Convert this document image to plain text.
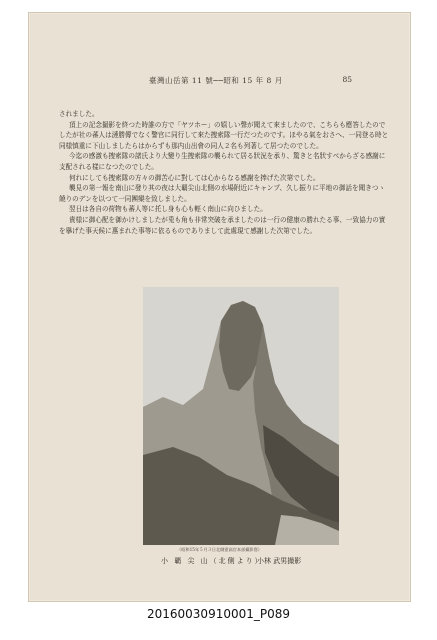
臺灣山岳第 11 號──昭和 15 年 8 月	85

されました。

頂上の記念撮影を終つた時誰の方で「ヤツホー」の嬉しい聲が聞えて來ましたので、こちらも應答したのでしたが社の蕃人は漣勝傳でなく警官に同行して來た捜索隊一行だつたのです。ほやる氣をおさへ、一同登る時と同様慎重に下山しましたらはからずも那内山出會の同人２名も列著して居つたのでした。

今迄の感激も捜索隊の諸氏より大變り生捜索隊の襲られて居る狀況を承り、驚きと名狀すべからざる感謝に支配される樣になつたのでした。

何れにしても捜索隊の方々の御苦心に對しては心からなる感謝を捧げた次第でした。

襲見の第一報を南山に發り其の夜は大覇尖山北側の水場附近にキャンプ、久し振りに平地の御話を聞きつゝ饒りのデンを以つて一同團欒を致しました。

翌日は各自の荷物も蕃人等に托し身も心も輕く南山に向ひました。

貴様に御心配を御かけしましたが兎も角も非常突破を承ましたのは一行の健康の勝れたる事、一致協力の實を擧げた事天候に惠まれた事等に依るものでありまして此處現て感謝した次第でした。

（昭和15年５月３日北側霊高官本部撮影寫）
小 覇 尖 山（北側より）
小林 武男撮影
20160030910001_P089
